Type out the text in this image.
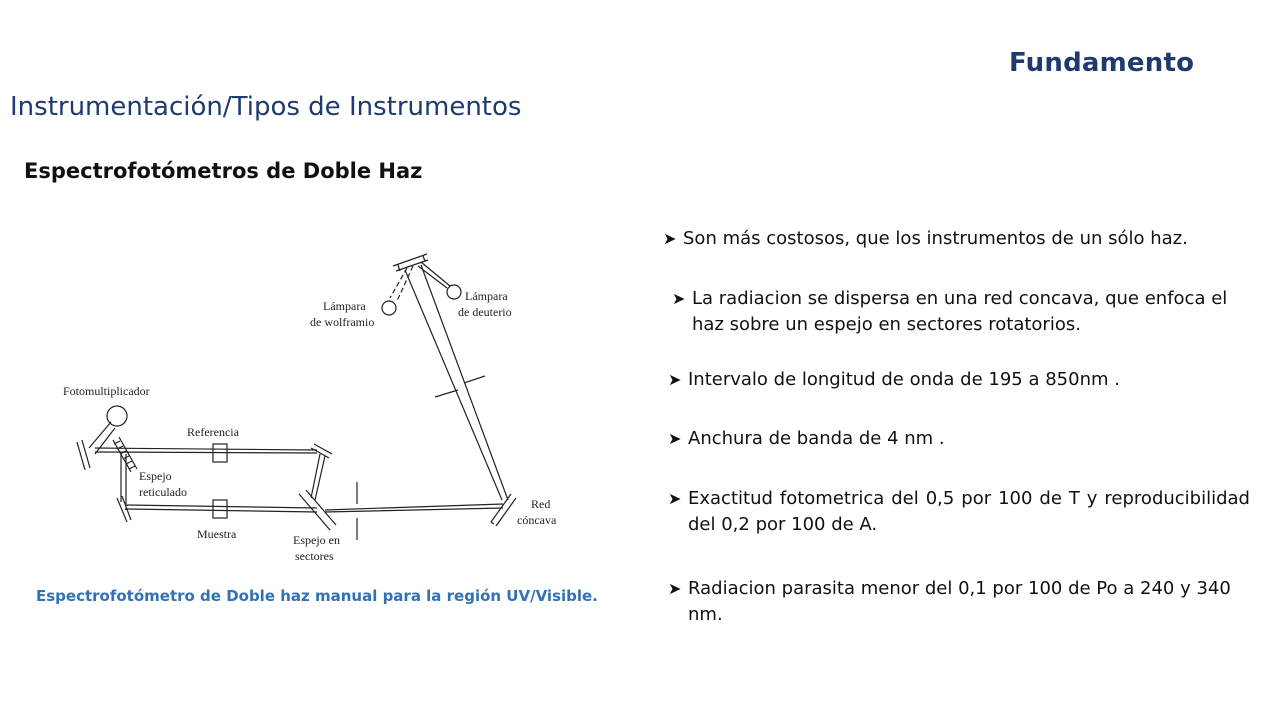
Fundamento
Instrumentación/Tipos de Instrumentos
Espectrofotómetros de Doble Haz
Lámpara
de wolframio
Lámpara
de deuterio
Fotomultiplicador
Referencia
Espejo
reticulado
Muestra	Espejo en
sectores
Red
cóncava
Espectrofotómetro de Doble haz manual para la región UV/Visible.
➤ Son más costosos, que los instrumentos de un sólo haz.
➤ La radiacion se dispersa en una red concava, que enfoca el haz sobre un espejo en sectores rotatorios.
➤ Intervalo de longitud de onda de 195 a 850nm .
➤ Anchura de banda de 4 nm .
➤ Exactitud fotometrica del 0,5 por 100 de T y reproducibilidad del 0,2 por 100 de A.
➤ Radiacion parasita menor del 0,1 por 100 de Po a 240 y 340 nm.
